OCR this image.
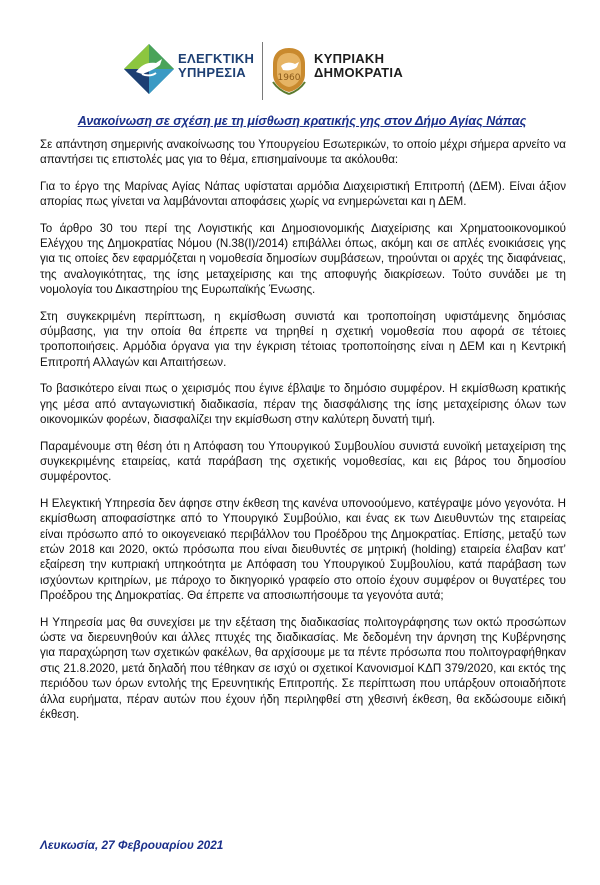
ΕΛΕΓΚΤΙΚΗ
ΥΠΗΡΕΣΙΑ	1960
ΚΥΠΡΙΑΚΗ
ΔΗΜΟΚΡΑΤΙΑ
Ανακοίνωση σε σχέση με τη μίσθωση κρατικής γης στον Δήμο Αγίας Νάπας

Σε απάντηση σημερινής ανακοίνωσης του Υπουργείου Εσωτερικών, το οποίο μέχρι σήμερα αρνείτο να απαντήσει τις επιστολές μας για το θέμα, επισημαίνουμε τα ακόλουθα:

Για το έργο της Μαρίνας Αγίας Νάπας υφίσταται αρμόδια Διαχειριστική Επιτροπή (ΔΕΜ). Είναι άξιον απορίας πως γίνεται να λαμβάνονται αποφάσεις χωρίς να ενημερώνεται και η ΔΕΜ.

Το άρθρο 30 του περί της Λογιστικής και Δημοσιονομικής Διαχείρισης και Χρηματοοικονομικού Ελέγχου της Δημοκρατίας Νόμου (Ν.38(Ι)/2014) επιβάλλει όπως, ακόμη και σε απλές ενοικιάσεις γης για τις οποίες δεν εφαρμόζεται η νομοθεσία δημοσίων συμβάσεων, τηρούνται οι αρχές της διαφάνειας, της αναλογικότητας, της ίσης μεταχείρισης και της αποφυγής διακρίσεων. Τούτο συνάδει με τη νομολογία του Δικαστηρίου της Ευρωπαϊκής Ένωσης.

Στη συγκεκριμένη περίπτωση, η εκμίσθωση συνιστά και τροποποίηση υφιστάμενης δημόσιας σύμβασης, για την οποία θα έπρεπε να τηρηθεί η σχετική νομοθεσία που αφορά σε τέτοιες τροποποιήσεις. Αρμόδια όργανα για την έγκριση τέτοιας τροποποίησης είναι η ΔΕΜ και η Κεντρική Επιτροπή Αλλαγών και Απαιτήσεων.

Το βασικότερο είναι πως ο χειρισμός που έγινε έβλαψε το δημόσιο συμφέρον. Η εκμίσθωση κρατικής γης μέσα από ανταγωνιστική διαδικασία, πέραν της διασφάλισης της ίσης μεταχείρισης όλων των οικονομικών φορέων, διασφαλίζει την εκμίσθωση στην καλύτερη δυνατή τιμή.

Παραμένουμε στη θέση ότι η Απόφαση του Υπουργικού Συμβουλίου συνιστά ευνοϊκή μεταχείριση της συγκεκριμένης εταιρείας, κατά παράβαση της σχετικής νομοθεσίας, και εις βάρος του δημοσίου συμφέροντος.

Η Ελεγκτική Υπηρεσία δεν άφησε στην έκθεση της κανένα υπονοούμενο, κατέγραψε μόνο γεγονότα. Η εκμίσθωση αποφασίστηκε από το Υπουργικό Συμβούλιο, και ένας εκ των Διευθυντών της εταιρείας είναι πρόσωπο από το οικογενειακό περιβάλλον του Προέδρου της Δημοκρατίας. Επίσης, μεταξύ των ετών 2018 και 2020, οκτώ πρόσωπα που είναι διευθυντές σε μητρική (holding) εταιρεία έλαβαν κατ’ εξαίρεση την κυπριακή υπηκοότητα με Απόφαση του Υπουργικού Συμβουλίου, κατά παράβαση των ισχύοντων κριτηρίων, με πάροχο το δικηγορικό γραφείο στο οποίο έχουν συμφέρον οι θυγατέρες του Προέδρου της Δημοκρατίας. Θα έπρεπε να αποσιωπήσουμε τα γεγονότα αυτά;

Η Υπηρεσία μας θα συνεχίσει με την εξέταση της διαδικασίας πολιτογράφησης των οκτώ προσώπων ώστε να διερευνηθούν και άλλες πτυχές της διαδικασίας. Με δεδομένη την άρνηση της Κυβέρνησης για παραχώρηση των σχετικών φακέλων, θα αρχίσουμε με τα πέντε πρόσωπα που πολιτογραφήθηκαν στις 21.8.2020, μετά δηλαδή που τέθηκαν σε ισχύ οι σχετικοί Κανονισμοί ΚΔΠ 379/2020, και εκτός της περιόδου των όρων εντολής της Ερευνητικής Επιτροπής. Σε περίπτωση που υπάρξουν οποιαδήποτε άλλα ευρήματα, πέραν αυτών που έχουν ήδη περιληφθεί στη χθεσινή έκθεση, θα εκδώσουμε ειδική έκθεση.

Λευκωσία, 27 Φεβρουαρίου 2021
